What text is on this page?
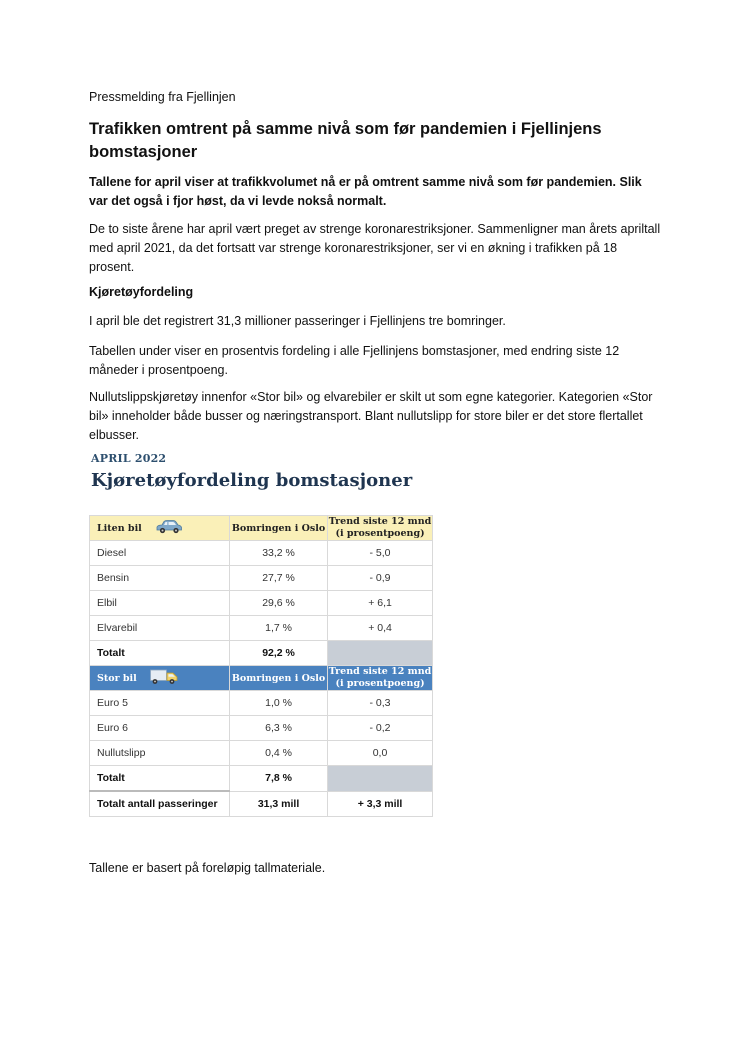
Pressmelding fra Fjellinjen

Trafikken omtrent på samme nivå som før pandemien i Fjellinjens bomstasjoner

Tallene for april viser at trafikkvolumet nå er på omtrent samme nivå som før pandemien. Slik var det også i fjor høst, da vi levde nokså normalt.

De to siste årene har april vært preget av strenge koronarestriksjoner. Sammenligner man årets apriltall med april 2021, da det fortsatt var strenge koronarestriksjoner, ser vi en økning i trafikken på 18 prosent.

Kjøretøyfordeling

I april ble det registrert 31,3 millioner passeringer i Fjellinjens tre bomringer.

Tabellen under viser en prosentvis fordeling i alle Fjellinjens bomstasjoner, med endring siste 12 måneder i prosentpoeng.

Nullutslippskjøretøy innenfor «Stor bil» og elvarebiler er skilt ut som egne kategorier. Kategorien «Stor bil» inneholder både busser og næringstransport. Blant nullutslipp for store biler er det store flertallet elbusser.

APRIL 2022

Kjøretøyfordeling bomstasjoner
Liten bil	Bomringen i Oslo	Trend siste 12 mnd
(i prosentpoeng)
Diesel	33,2 %	- 5,0
Bensin	27,7 %	- 0,9
Elbil	29,6 %	+ 6,1
Elvarebil	1,7 %	+ 0,4
Totalt	92,2 %	

Stor bil	Bomringen i Oslo	Trend siste 12 mnd
(i prosentpoeng)
Euro 5	1,0 %	- 0,3
Euro 6	6,3 %	- 0,2
Nullutslipp	0,4 %	0,0
Totalt	7,8 %	
Totalt antall passeringer	31,3 mill	+ 3,3 mill

Tallene er basert på foreløpig tallmateriale.
